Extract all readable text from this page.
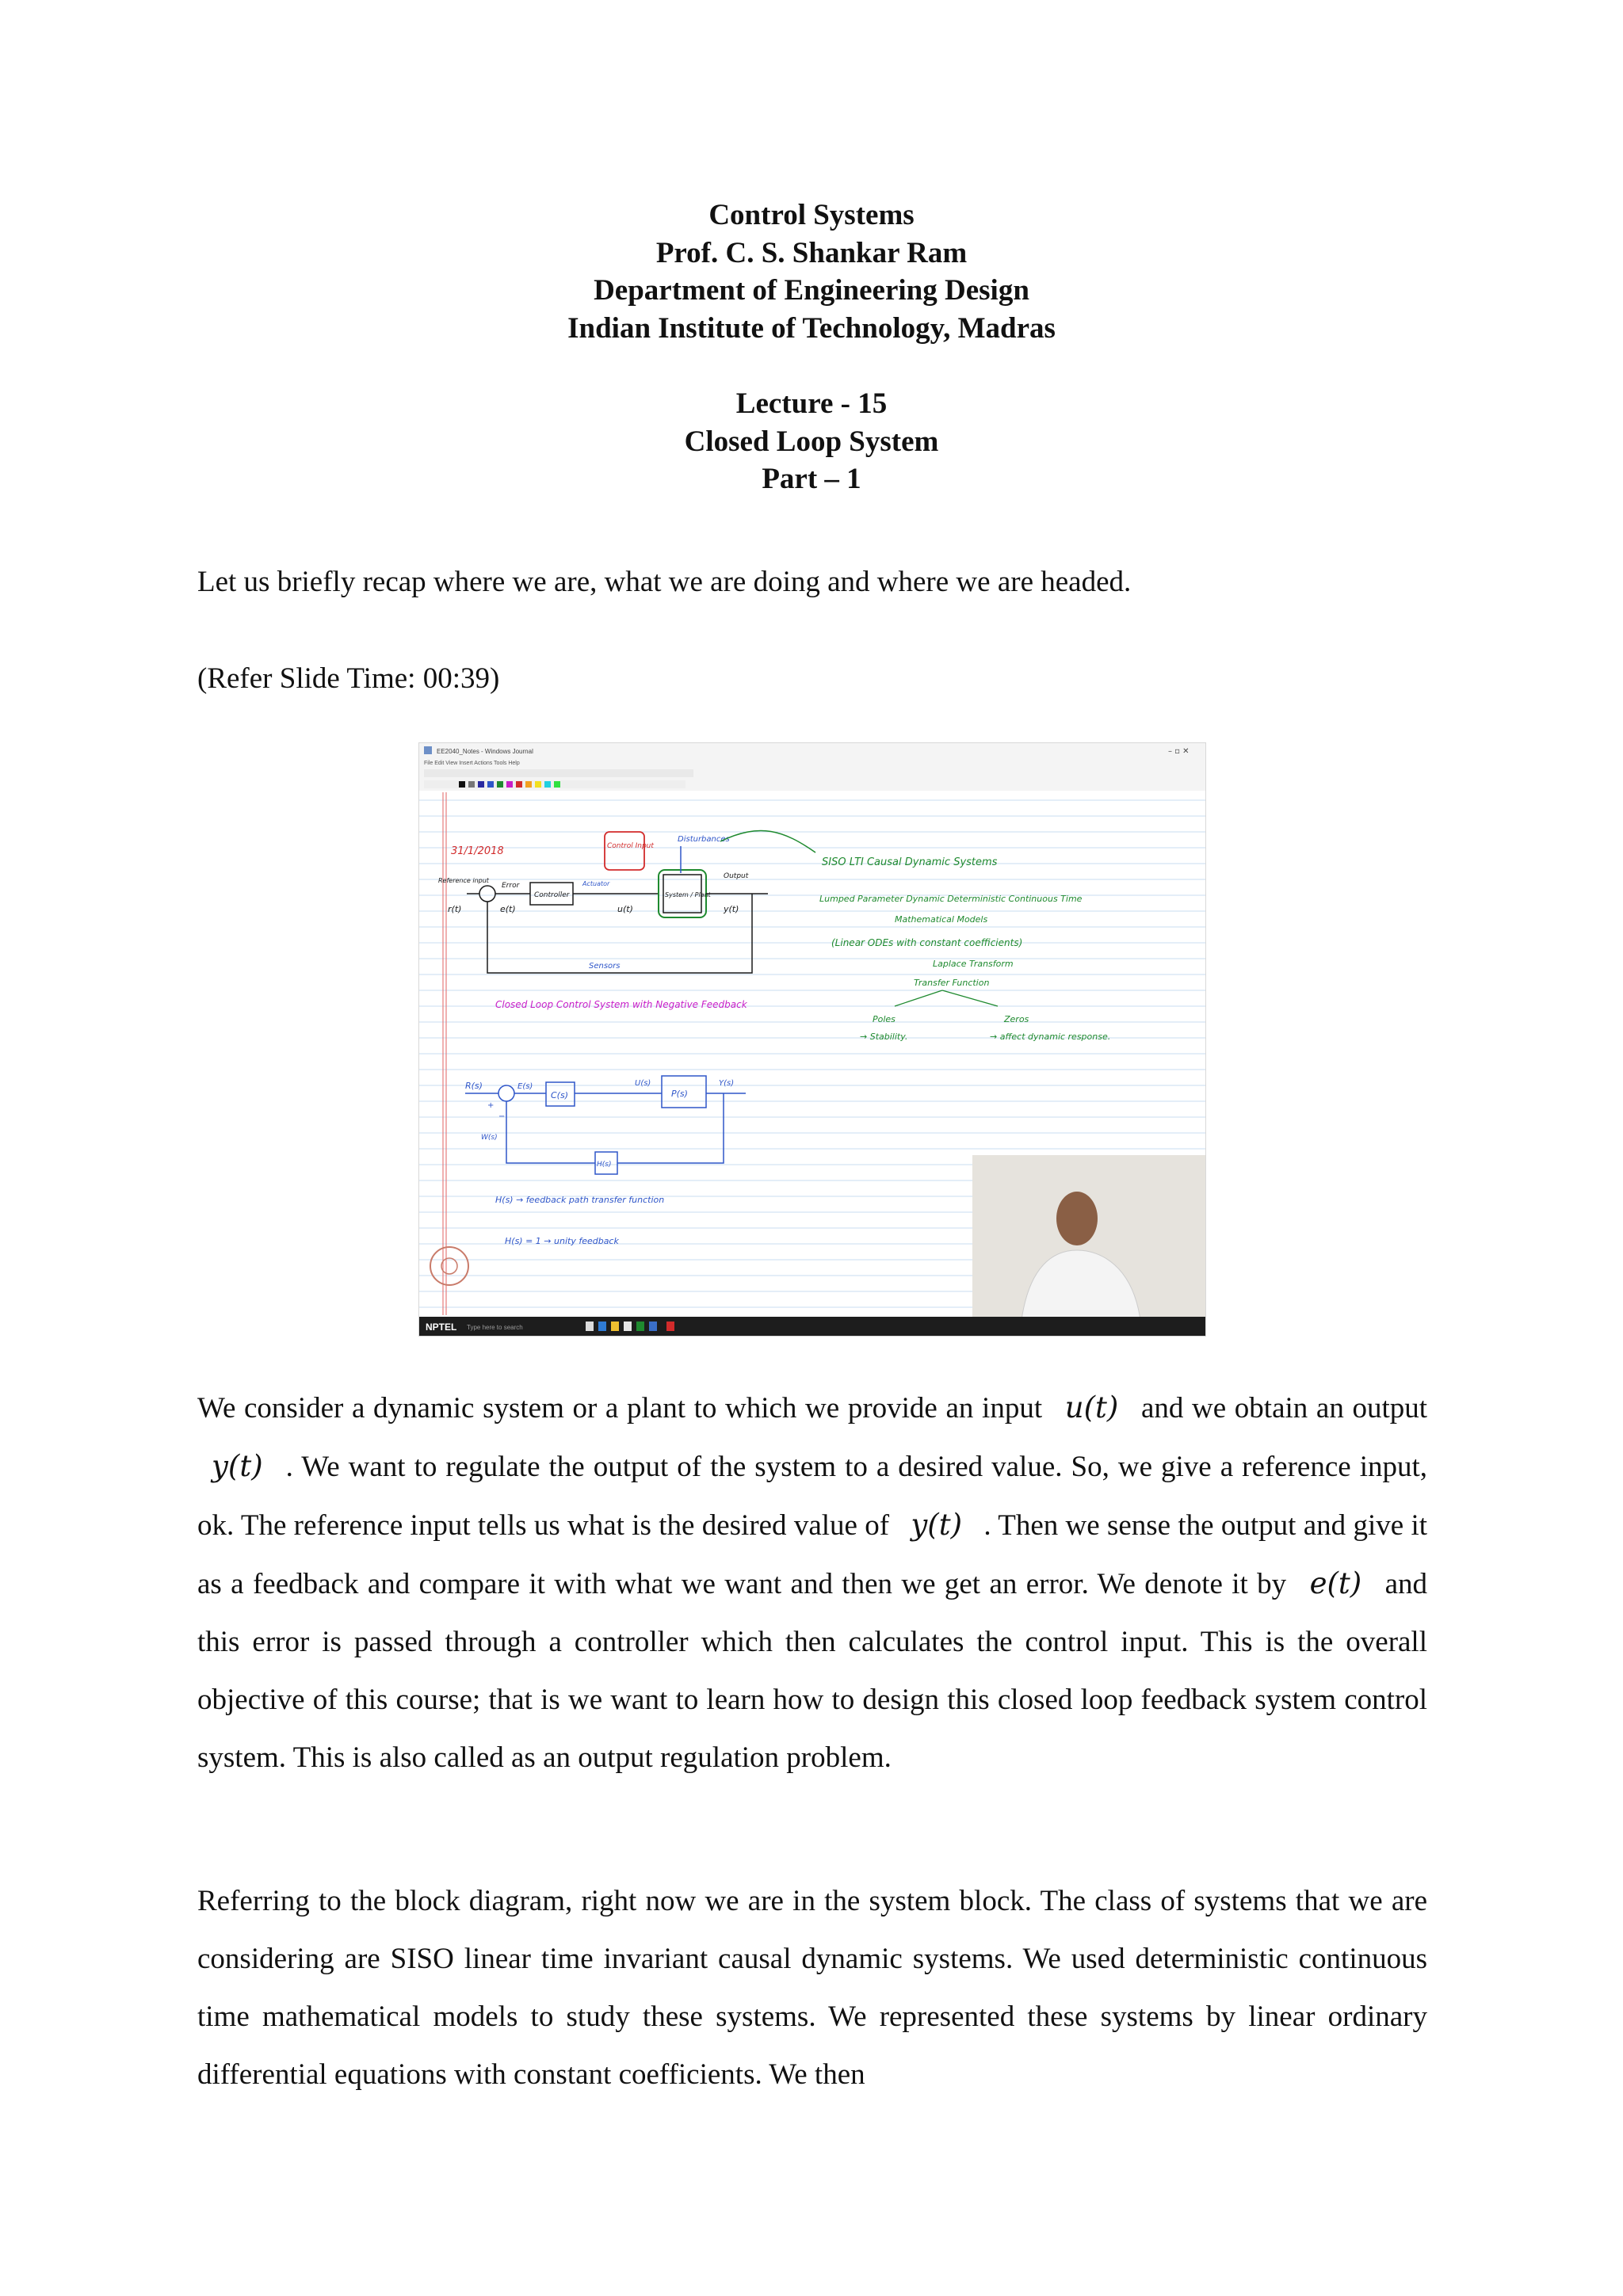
Control Systems
Prof. C. S. Shankar Ram
Department of Engineering Design
Indian Institute of Technology, Madras
Lecture - 15
Closed Loop System
Part – 1
Let us briefly recap where we are, what we are doing and where we are headed.
(Refer Slide Time: 00:39)
EE2040_Notes - Windows Journal	– ▫ ✕
File Edit View Insert Actions Tools Help
31/1/2018
Reference input
r(t)
Error
e(t)
Controller
Actuator
Control Input
u(t)
System / Plant
Disturbances
Output
y(t)
Sensors
SISO LTI Causal Dynamic Systems
Lumped Parameter Dynamic Deterministic Continuous Time
Mathematical Models
(Linear ODEs with constant coefficients)
Laplace Transform
Transfer Function
Poles
→ Stability.
Zeros
→ affect dynamic response.
Closed Loop Control System with Negative Feedback
R(s)
+
−
E(s)
C(s)
U(s)
P(s)
Y(s)
H(s)
W(s)
H(s) → feedback path transfer function
H(s) = 1 → unity feedback
NPTEL Type here to search
We consider a dynamic system or a plant to which we provide an input u(t) and we obtain an output y(t) . We want to regulate the output of the system to a desired value. So, we give a reference input, ok. The reference input tells us what is the desired value of y(t) . Then we sense the output and give it as a feedback and compare it with what we want and then we get an error. We denote it by e(t) and this error is passed through a controller which then calculates the control input. This is the overall objective of this course; that is we want to learn how to design this closed loop feedback system control system. This is also called as an output regulation problem.
Referring to the block diagram, right now we are in the system block. The class of systems that we are considering are SISO linear time invariant causal dynamic systems. We used deterministic continuous time mathematical models to study these systems. We represented these systems by linear ordinary differential equations with constant coefficients. We then
